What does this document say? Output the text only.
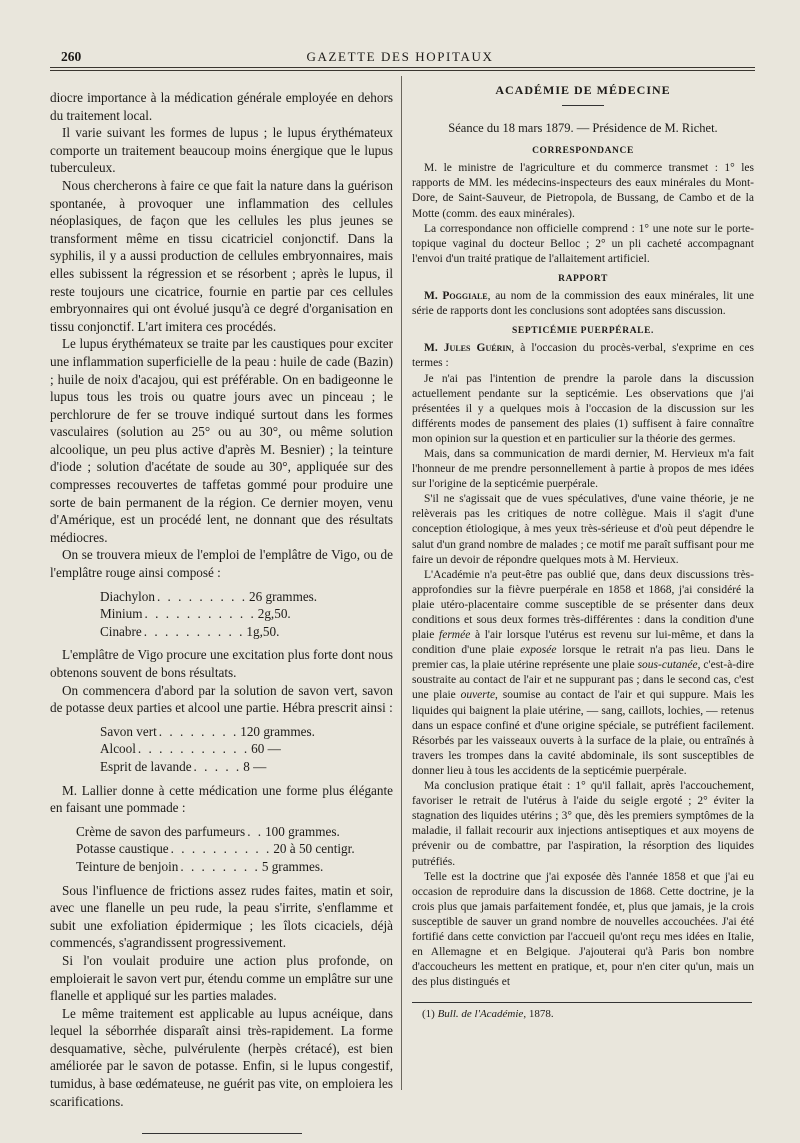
260	GAZETTE DES HOPITAUX

diocre importance à la médication générale employée en dehors du traitement local.

Il varie suivant les formes de lupus ; le lupus érythémateux comporte un traitement beaucoup moins énergique que le lupus tuberculeux.

Nous chercherons à faire ce que fait la nature dans la guérison spontanée, à provoquer une inflammation des cellules néoplasiques, de façon que les cellules les plus jeunes se transforment même en tissu cicatriciel conjonctif. Dans la syphilis, il y a aussi production de cellules embryonnaires, mais elles subissent la régression et se résorbent ; après le lupus, il reste toujours une cicatrice, fournie en partie par ces cellules embryonnaires qui ont évolué jusqu'à ce degré d'organisation en tissu conjonctif. L'art imitera ces procédés.

Le lupus érythémateux se traite par les caustiques pour exciter une inflammation superficielle de la peau : huile de cade (Bazin) ; huile de noix d'acajou, qui est préférable. On en badigeonne le lupus tous les trois ou quatre jours avec un pinceau ; le perchlorure de fer se trouve indiqué surtout dans les formes vasculaires (solution au 25° ou au 30°, ou même solution alcoolique, un peu plus active d'après M. Besnier) ; la teinture d'iode ; solution d'acétate de soude au 30°, appliquée sur des compresses recouvertes de taffetas gommé pour produire une sorte de bain permanent de la région. Ce dernier moyen, venu d'Amérique, est un procédé lent, ne donnant que des résultats médiocres.

On se trouvera mieux de l'emploi de l'emplâtre de Vigo, ou de l'emplâtre rouge ainsi composé :

Diachylon . . . . . . . . . 26 grammes.
Minium . . . . . . . . . . . 2g,50.
Cinabre . . . . . . . . . . 1g,50.

L'emplâtre de Vigo procure une excitation plus forte dont nous obtenons souvent de bons résultats.

On commencera d'abord par la solution de savon vert, savon de potasse deux parties et alcool une partie. Hébra prescrit ainsi :

Savon vert . . . . . . . . 120 grammes.
Alcool . . . . . . . . . . . 60 —
Esprit de lavande . . . . . 8 —

M. Lallier donne à cette médication une forme plus élégante en faisant une pommade :

Crème de savon des parfumeurs . . 100 grammes.
Potasse caustique . . . . . . . . . . 20 à 50 centigr.
Teinture de benjoin . . . . . . . . 5 grammes.

Sous l'influence de frictions assez rudes faites, matin et soir, avec une flanelle un peu rude, la peau s'irrite, s'enflamme et subit une exfoliation épidermique ; les îlots cicaciels, déjà commencés, s'agrandissent progressivement.

Si l'on voulait produire une action plus profonde, on emploierait le savon vert pur, étendu comme un emplâtre sur une flanelle et appliqué sur les parties malades.

Le même traitement est applicable au lupus acnéique, dans lequel la séborrhée disparaît ainsi très-rapidement. La forme desquamative, sèche, pulvérulente (herpès crétacé), est bien améliorée par le savon de potasse. Enfin, si le lupus congestif, tumidus, à base œdémateuse, ne guérit pas vite, on emploiera les scarifications.

ACADÉMIE DE MÉDECINE
Séance du 18 mars 1879. — Présidence de M. Richet.
CORRESPONDANCE

M. le ministre de l'agriculture et du commerce transmet : 1° les rapports de MM. les médecins-inspecteurs des eaux minérales du Mont-Dore, de Saint-Sauveur, de Pietropola, de Bussang, de Cambo et de la Motte (comm. des eaux minérales).

La correspondance non officielle comprend : 1° une note sur le porte-topique vaginal du docteur Belloc ; 2° un pli cacheté accompagnant l'envoi d'un traité pratique de l'allaitement artificiel.

RAPPORT

M. Poggiale, au nom de la commission des eaux minérales, lit une série de rapports dont les conclusions sont adoptées sans discussion.

SEPTICÉMIE PUERPÉRALE.

M. Jules Guérin, à l'occasion du procès-verbal, s'exprime en ces termes :

Je n'ai pas l'intention de prendre la parole dans la discussion actuellement pendante sur la septicémie. Les observations que j'ai présentées il y a quelques mois à l'occasion de la discussion sur les différents modes de pansement des plaies (1) suffisent à faire connaître mon opinion sur la question et en particulier sur la théorie des germes.

Mais, dans sa communication de mardi dernier, M. Hervieux m'a fait l'honneur de me prendre personnellement à partie à propos de mes idées sur l'origine de la septicémie puerpérale.

S'il ne s'agissait que de vues spéculatives, d'une vaine théorie, je ne relèverais pas les critiques de notre collègue. Mais il s'agit d'une conception étiologique, à mes yeux très-sérieuse et d'où peut dépendre le salut d'un grand nombre de malades ; ce motif me paraît suffisant pour me faire un devoir de répondre quelques mots à M. Hervieux.

L'Académie n'a peut-être pas oublié que, dans deux discussions très-approfondies sur la fièvre puerpérale en 1858 et 1868, j'ai considéré la plaie utéro-placentaire comme susceptible de se présenter dans deux conditions et sous deux formes très-différentes : dans la condition d'une plaie fermée à l'air lorsque l'utérus est revenu sur lui-même, et dans la condition d'une plaie exposée lorsque le retrait n'a pas lieu. Dans le premier cas, la plaie utérine représente une plaie sous-cutanée, c'est-à-dire soustraite au contact de l'air et ne suppurant pas ; dans le second cas, c'est une plaie ouverte, soumise au contact de l'air et qui suppure. Mais les liquides qui baignent la plaie utérine, — sang, caillots, lochies, — retenus dans un espace confiné et d'une origine spéciale, se putréfient facilement. Résorbés par les vaisseaux ouverts à la surface de la plaie, ou entraînés à travers les trompes dans la cavité abdominale, ils sont susceptibles de donner lieu à tous les accidents de la septicémie puerpérale.

Ma conclusion pratique était : 1° qu'il fallait, après l'accouchement, favoriser le retrait de l'utérus à l'aide du seigle ergoté ; 2° éviter la stagnation des liquides utérins ; 3° que, dès les premiers symptômes de la maladie, il fallait recourir aux injections antiseptiques et aux moyens de prévenir ou de combattre, par l'aspiration, la résorption des liquides putréfiés.

Telle est la doctrine que j'ai exposée dès l'année 1858 et que j'ai eu occasion de reproduire dans la discussion de 1868. Cette doctrine, je la crois plus que jamais parfaitement fondée, et, plus que jamais, je la crois susceptible de sauver un grand nombre de nouvelles accouchées. J'ai été fortifié dans cette conviction par l'accueil qu'ont reçu mes idées en Italie, en Allemagne et en Belgique. J'ajouterai qu'à Paris bon nombre d'accoucheurs les mettent en pratique, et, pour n'en citer qu'un, mais un des plus distingués et

(1) Bull. de l'Académie, 1878.
